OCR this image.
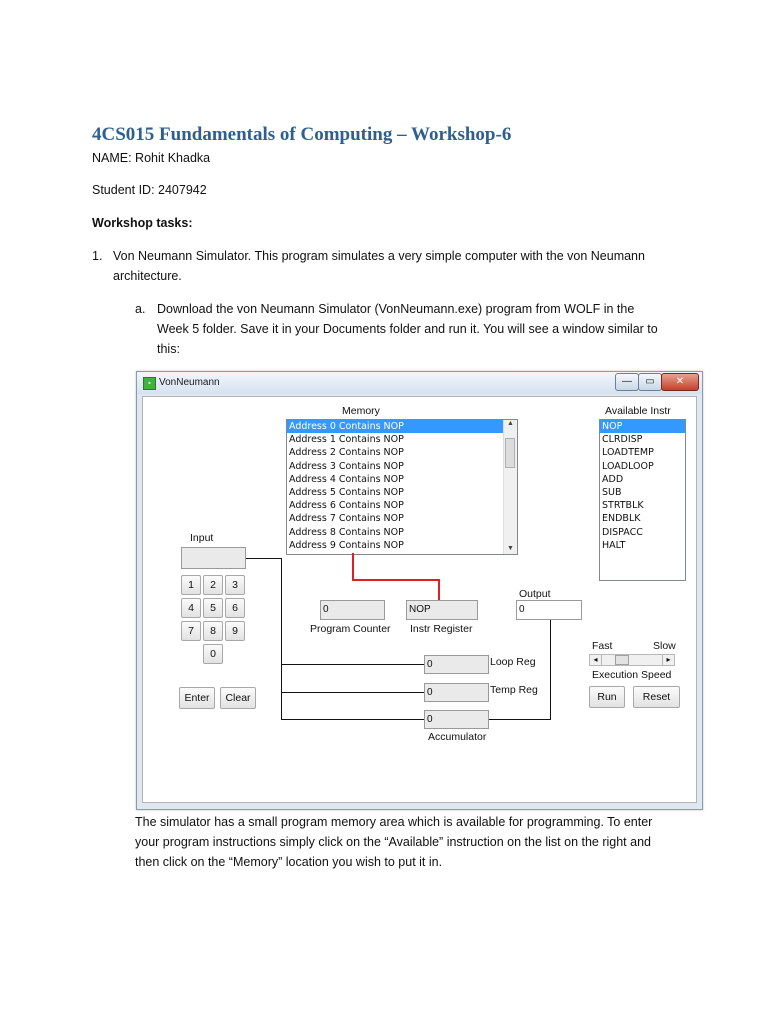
4CS015 Fundamentals of Computing – Workshop-6
NAME: Rohit Khadka
Student ID: 2407942
Workshop tasks:
1. Von Neumann Simulator. This program simulates a very simple computer with the von Neumann
architecture.
a. Download the von Neumann Simulator (VonNeumann.exe) program from WOLF in the
Week 5 folder. Save it in your Documents folder and run it. You will see a window similar to
this:
▪ VonNeumann	—	▭	✕
Memory
Address 0 Contains NOP
Address 1 Contains NOP
Address 2 Contains NOP
Address 3 Contains NOP
Address 4 Contains NOP
Address 5 Contains NOP
Address 6 Contains NOP
Address 7 Contains NOP
Address 8 Contains NOP
Address 9 Contains NOP
▲
▼
Available Instr
NOP
CLRDISP
LOADTEMP
LOADLOOP
ADD
SUB
STRTBLK
ENDBLK
DISPACC
HALT
Input
1	2	3
4	5	6
7	8	9
0
Enter	Clear
0
Program Counter
NOP
Instr Register
Output
0
0	Loop Reg
0	Temp Reg
0
Accumulator
Fast	Slow
◂	▸
Execution Speed
Run	Reset
The simulator has a small program memory area which is available for programming. To enter
your program instructions simply click on the “Available” instruction on the list on the right and
then click on the “Memory” location you wish to put it in.
